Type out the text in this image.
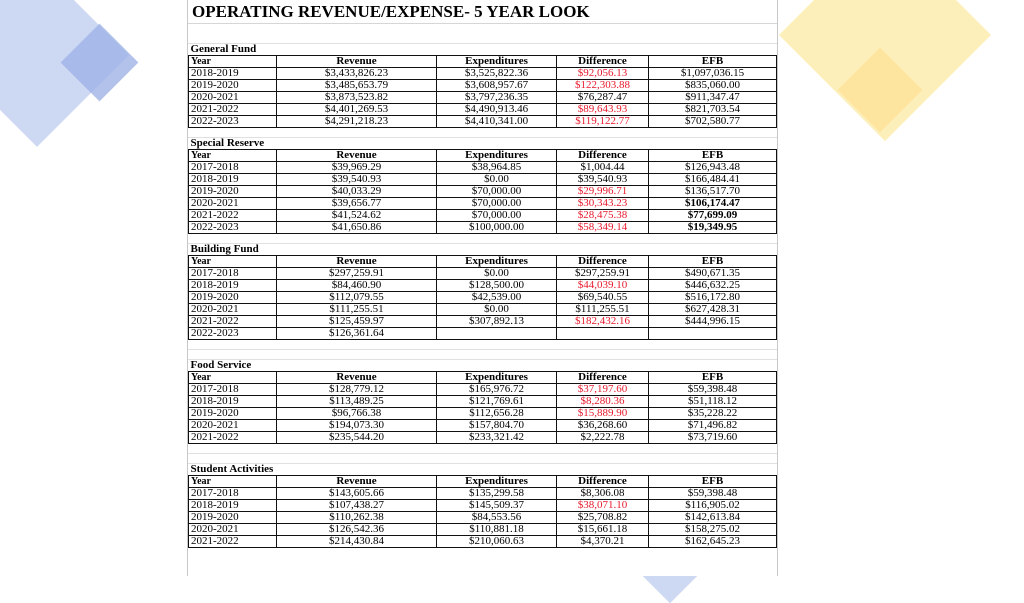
OPERATING REVENUE/EXPENSE- 5 YEAR LOOK
General Fund				
Year	Revenue	Expenditures	Difference	EFB
2018-2019	$3,433,826.23	$3,525,822.36	$92,056.13	$1,097,036.15
2019-2020	$3,485,653.79	$3,608,957.67	$122,303.88	$835,060.00
2020-2021	$3,873,523.82	$3,797,236.35	$76,287.47	$911,347.47
2021-2022	$4,401,269.53	$4,490,913.46	$89,643.93	$821,703.54
2022-2023	$4,291,218.23	$4,410,341.00	$119,122.77	$702,580.77
Special Reserve				
Year	Revenue	Expenditures	Difference	EFB
2017-2018	$39,969.29	$38,964.85	$1,004.44	$126,943.48
2018-2019	$39,540.93	$0.00	$39,540.93	$166,484.41
2019-2020	$40,033.29	$70,000.00	$29,996.71	$136,517.70
2020-2021	$39,656.77	$70,000.00	$30,343.23	$106,174.47
2021-2022	$41,524.62	$70,000.00	$28,475.38	$77,699.09
2022-2023	$41,650.86	$100,000.00	$58,349.14	$19,349.95
Building Fund				
Year	Revenue	Expenditures	Difference	EFB
2017-2018	$297,259.91	$0.00	$297,259.91	$490,671.35
2018-2019	$84,460.90	$128,500.00	$44,039.10	$446,632.25
2019-2020	$112,079.55	$42,539.00	$69,540.55	$516,172.80
2020-2021	$111,255.51	$0.00	$111,255.51	$627,428.31
2021-2022	$125,459.97	$307,892.13	$182,432.16	$444,996.15
2022-2023	$126,361.64			
Food Service				
Year	Revenue	Expenditures	Difference	EFB
2017-2018	$128,779.12	$165,976.72	$37,197.60	$59,398.48
2018-2019	$113,489.25	$121,769.61	$8,280.36	$51,118.12
2019-2020	$96,766.38	$112,656.28	$15,889.90	$35,228.22
2020-2021	$194,073.30	$157,804.70	$36,268.60	$71,496.82
2021-2022	$235,544.20	$233,321.42	$2,222.78	$73,719.60
Student Activities				
Year	Revenue	Expenditures	Difference	EFB
2017-2018	$143,605.66	$135,299.58	$8,306.08	$59,398.48
2018-2019	$107,438.27	$145,509.37	$38,071.10	$116,905.02
2019-2020	$110,262.38	$84,553.56	$25,708.82	$142,613.84
2020-2021	$126,542.36	$110,881.18	$15,661.18	$158,275.02
2021-2022	$214,430.84	$210,060.63	$4,370.21	$162,645.23
